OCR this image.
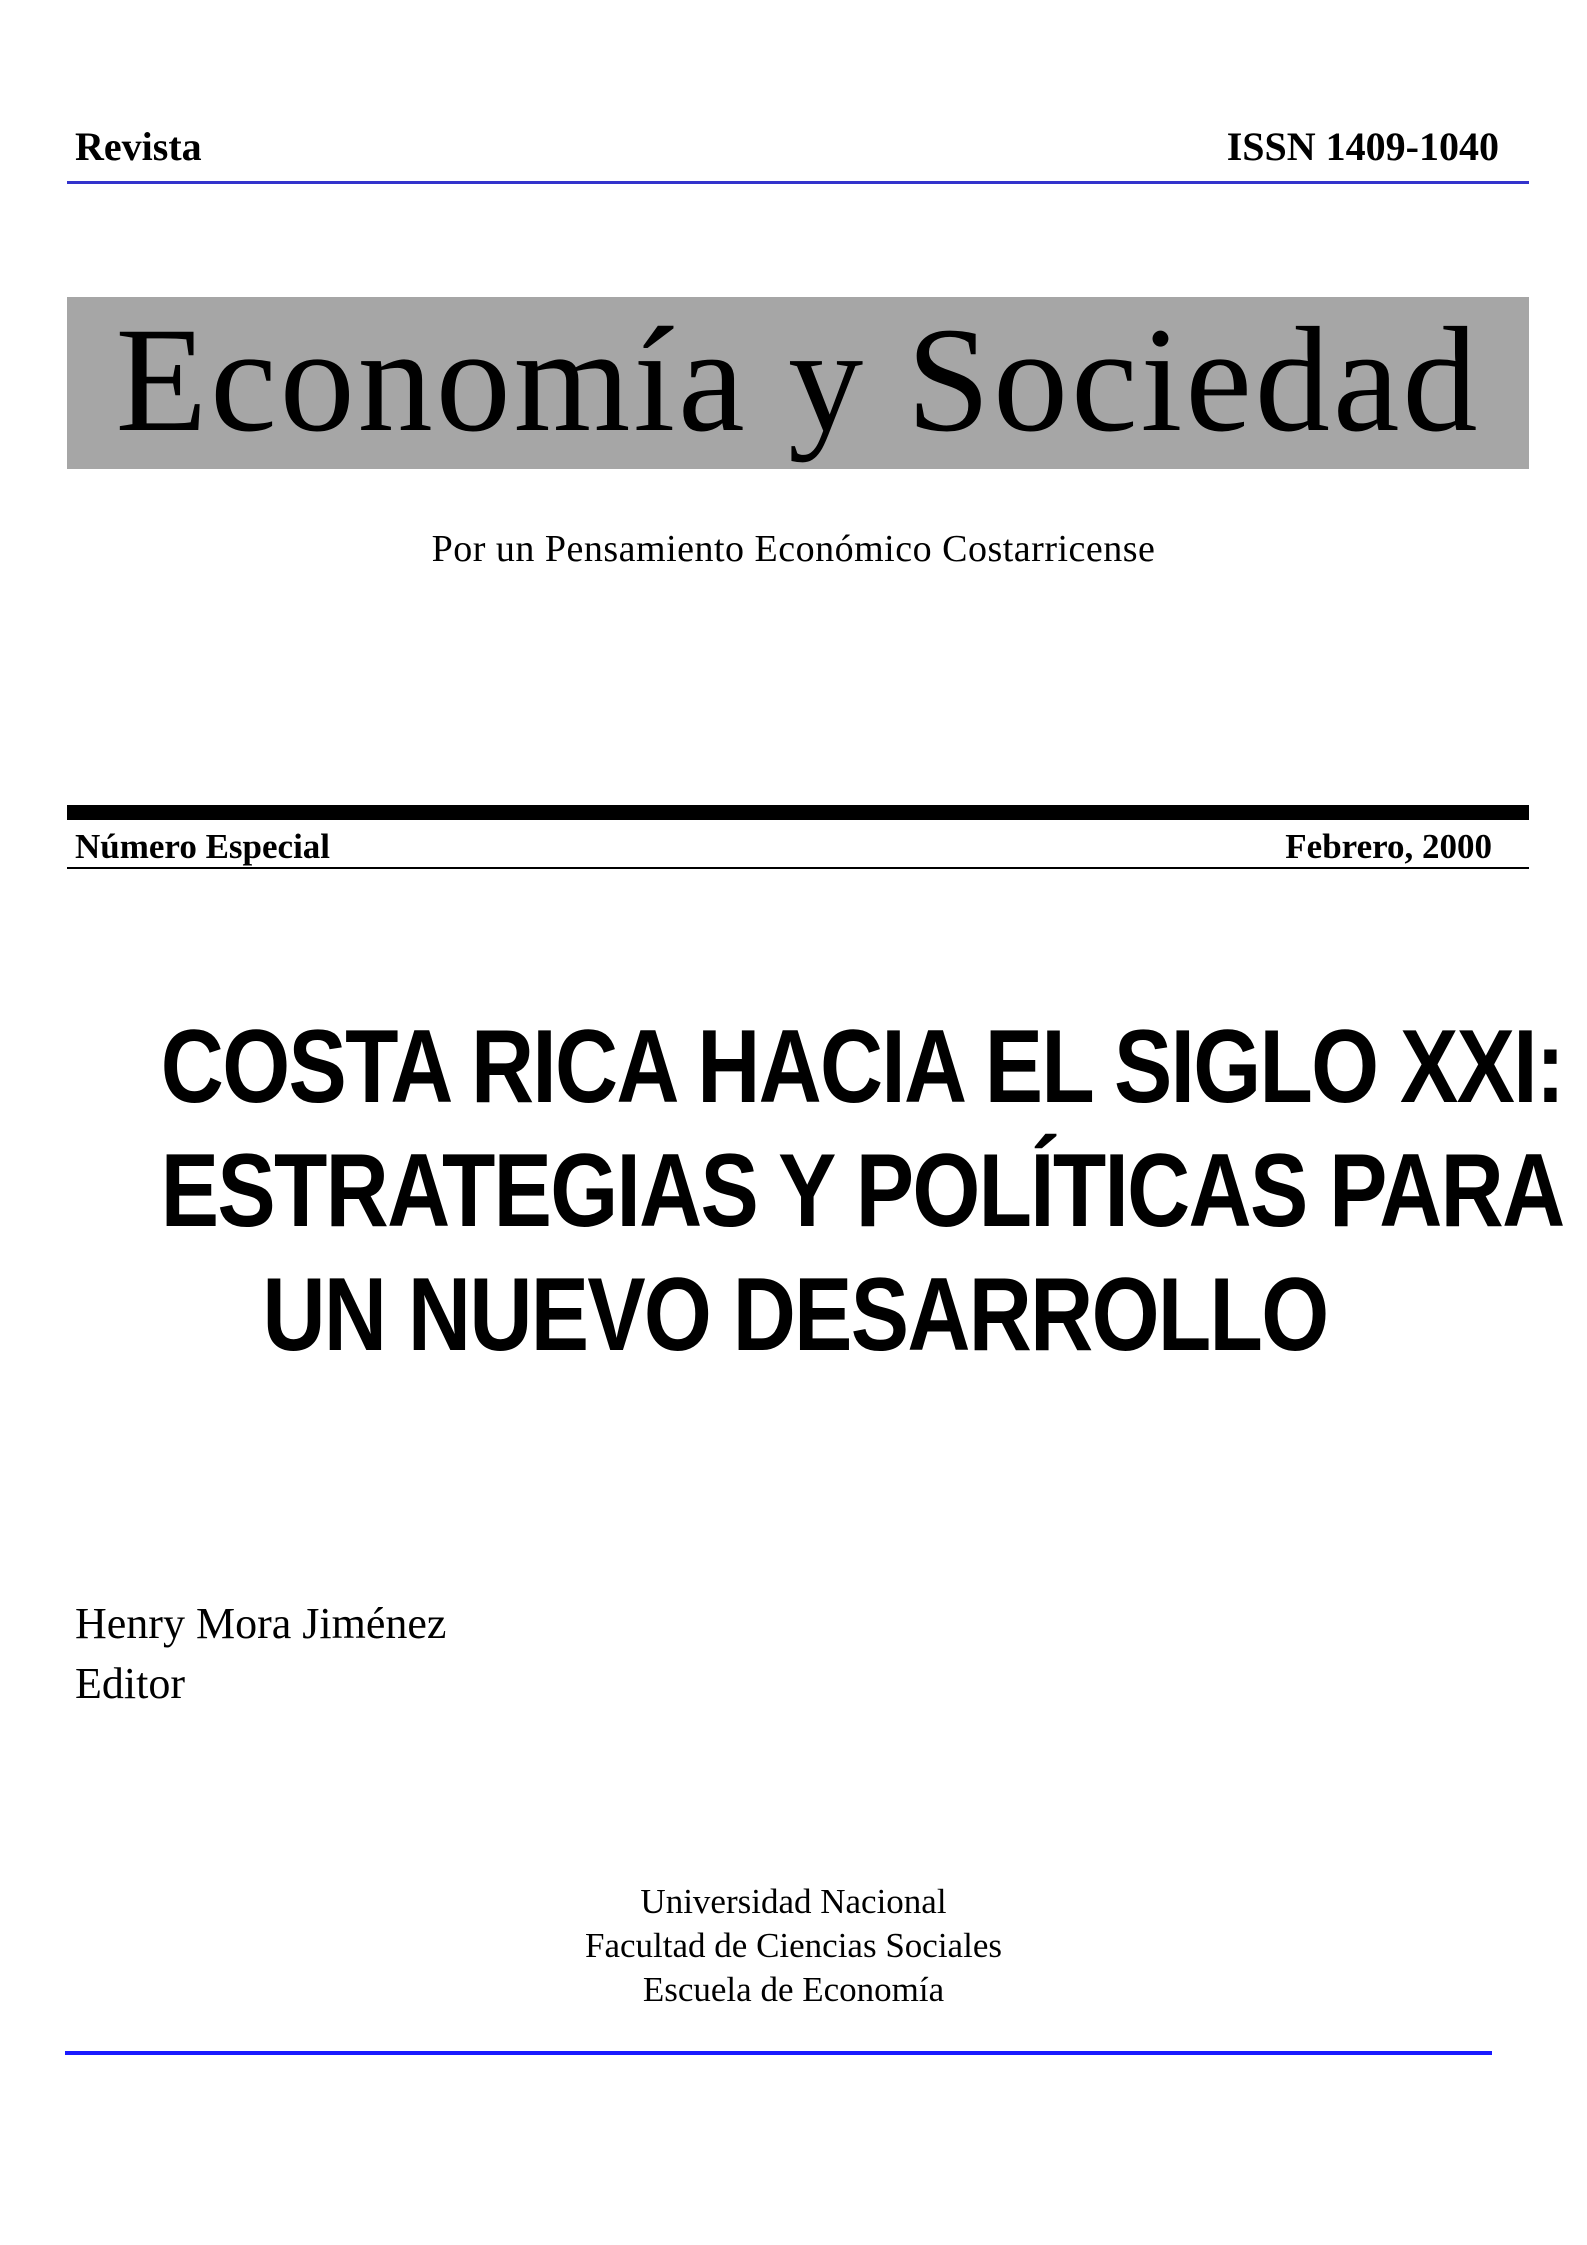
Revista	ISSN 1409-1040
Economía y Sociedad
Por un Pensamiento Económico Costarricense
Número Especial	Febrero, 2000
COSTA RICA HACIA EL SIGLO XXI:
ESTRATEGIAS Y POLÍTICAS PARA
UN NUEVO DESARROLLO
Henry Mora Jiménez
Editor
Universidad Nacional
Facultad de Ciencias Sociales
Escuela de Economía
